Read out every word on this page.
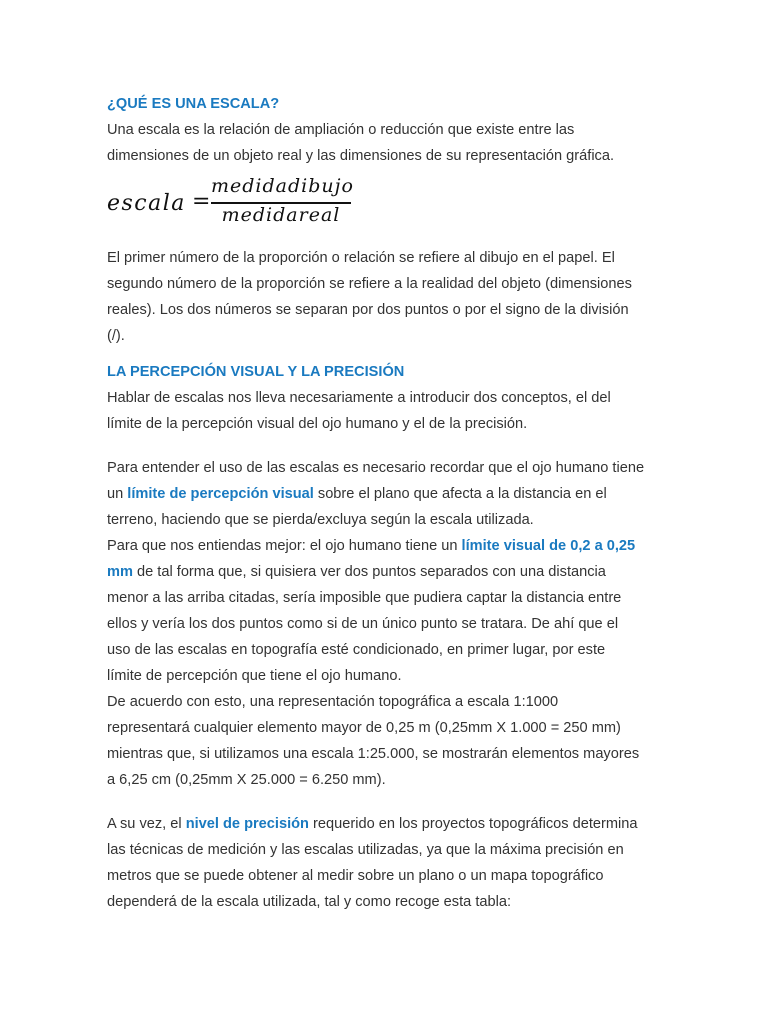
¿QUÉ ES UNA ESCALA?

Una escala es la relación de ampliación o reducción que existe entre las

dimensiones de un objeto real y las dimensiones de su representación gráfica.

escala =
medidadibujo
medidareal

El primer número de la proporción o relación se refiere al dibujo en el papel. El

segundo número de la proporción se refiere a la realidad del objeto (dimensiones

reales). Los dos números se separan por dos puntos o por el signo de la división

(/).

LA PERCEPCIÓN VISUAL Y LA PRECISIÓN

Hablar de escalas nos lleva necesariamente a introducir dos conceptos, el del

límite de la percepción visual del ojo humano y el de la precisión.

Para entender el uso de las escalas es necesario recordar que el ojo humano tiene

un límite de percepción visual sobre el plano que afecta a la distancia en el

terreno, haciendo que se pierda/excluya según la escala utilizada.

Para que nos entiendas mejor: el ojo humano tiene un límite visual de 0,2 a 0,25

mm de tal forma que, si quisiera ver dos puntos separados con una distancia

menor a las arriba citadas, sería imposible que pudiera captar la distancia entre

ellos y vería los dos puntos como si de un único punto se tratara. De ahí que el

uso de las escalas en topografía esté condicionado, en primer lugar, por este

límite de percepción que tiene el ojo humano.

De acuerdo con esto, una representación topográfica a escala 1:1000

representará cualquier elemento mayor de 0,25 m (0,25mm X 1.000 = 250 mm)

mientras que, si utilizamos una escala 1:25.000, se mostrarán elementos mayores

a 6,25 cm (0,25mm X 25.000 = 6.250 mm).

A su vez, el nivel de precisión requerido en los proyectos topográficos determina

las técnicas de medición y las escalas utilizadas, ya que la máxima precisión en

metros que se puede obtener al medir sobre un plano o un mapa topográfico

dependerá de la escala utilizada, tal y como recoge esta tabla:
